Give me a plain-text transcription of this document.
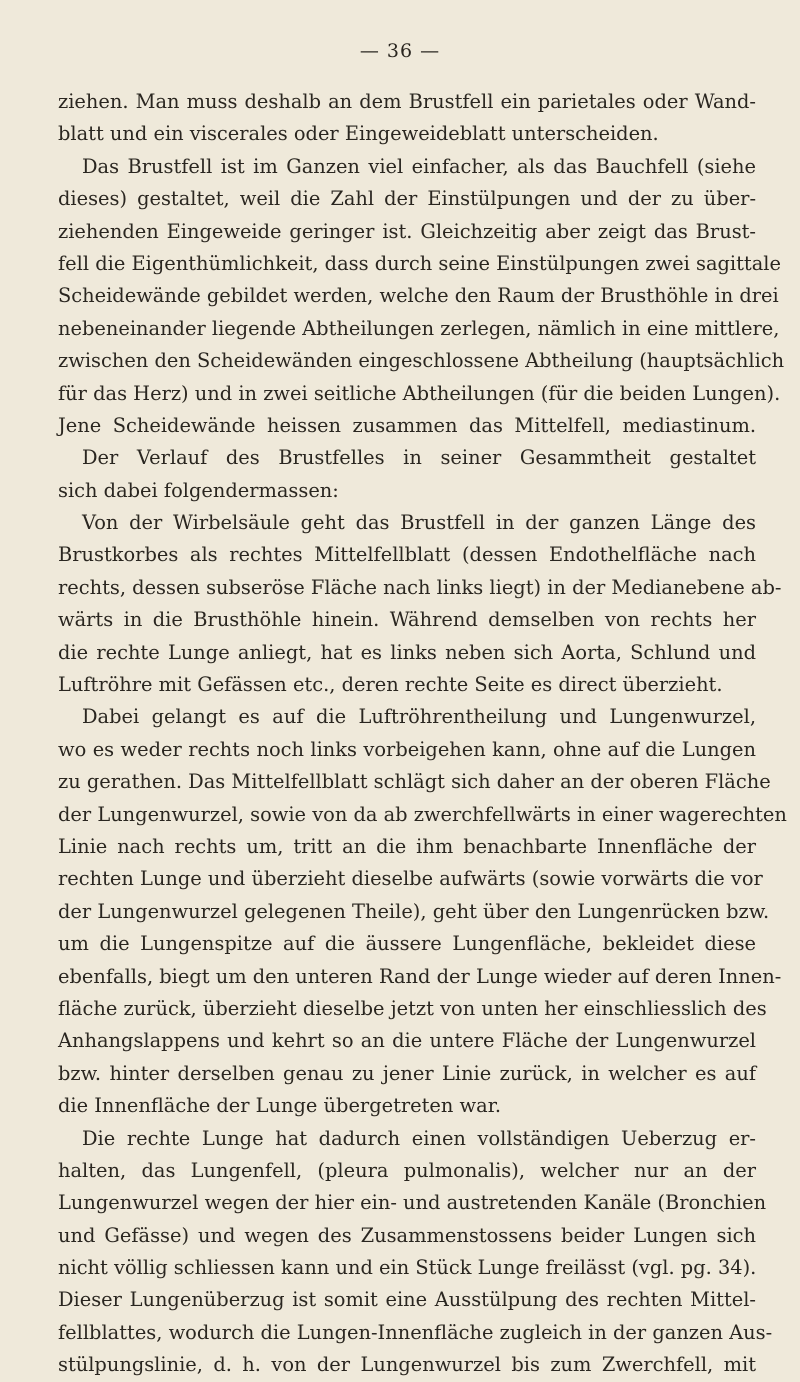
— 36 —
ziehen. Man muss deshalb an dem Brustfell ein parietales oder Wand-
blatt und ein viscerales oder Eingeweideblatt unterscheiden.
Das Brustfell ist im Ganzen viel einfacher, als das Bauchfell (siehe
dieses) gestaltet, weil die Zahl der Einstülpungen und der zu über-
ziehenden Eingeweide geringer ist. Gleichzeitig aber zeigt das Brust-
fell die Eigenthümlichkeit, dass durch seine Einstülpungen zwei sagittale
Scheidewände gebildet werden, welche den Raum der Brusthöhle in drei
nebeneinander liegende Abtheilungen zerlegen, nämlich in eine mittlere,
zwischen den Scheidewänden eingeschlossene Abtheilung (hauptsächlich
für das Herz) und in zwei seitliche Abtheilungen (für die beiden Lungen).
Jene Scheidewände heissen zusammen das Mittelfell, mediastinum.
Der Verlauf des Brustfelles in seiner Gesammtheit gestaltet
sich dabei folgendermassen:
Von der Wirbelsäule geht das Brustfell in der ganzen Länge des
Brustkorbes als rechtes Mittelfellblatt (dessen Endothelfläche nach
rechts, dessen subseröse Fläche nach links liegt) in der Medianebene ab-
wärts in die Brusthöhle hinein. Während demselben von rechts her
die rechte Lunge anliegt, hat es links neben sich Aorta, Schlund und
Luftröhre mit Gefässen etc., deren rechte Seite es direct überzieht.
Dabei gelangt es auf die Luftröhrentheilung und Lungenwurzel,
wo es weder rechts noch links vorbeigehen kann, ohne auf die Lungen
zu gerathen. Das Mittelfellblatt schlägt sich daher an der oberen Fläche
der Lungenwurzel, sowie von da ab zwerchfellwärts in einer wagerechten
Linie nach rechts um, tritt an die ihm benachbarte Innenfläche der
rechten Lunge und überzieht dieselbe aufwärts (sowie vorwärts die vor
der Lungenwurzel gelegenen Theile), geht über den Lungenrücken bzw.
um die Lungenspitze auf die äussere Lungenfläche, bekleidet diese
ebenfalls, biegt um den unteren Rand der Lunge wieder auf deren Innen-
fläche zurück, überzieht dieselbe jetzt von unten her einschliesslich des
Anhangslappens und kehrt so an die untere Fläche der Lungenwurzel
bzw. hinter derselben genau zu jener Linie zurück, in welcher es auf
die Innenfläche der Lunge übergetreten war.
Die rechte Lunge hat dadurch einen vollständigen Ueberzug er-
halten, das Lungenfell, (pleura pulmonalis), welcher nur an der
Lungenwurzel wegen der hier ein- und austretenden Kanäle (Bronchien
und Gefässe) und wegen des Zusammenstossens beider Lungen sich
nicht völlig schliessen kann und ein Stück Lunge freilässt (vgl. pg. 34).
Dieser Lungenüberzug ist somit eine Ausstülpung des rechten Mittel-
fellblattes, wodurch die Lungen-Innenfläche zugleich in der ganzen Aus-
stülpungslinie, d. h. von der Lungenwurzel bis zum Zwerchfell, mit
